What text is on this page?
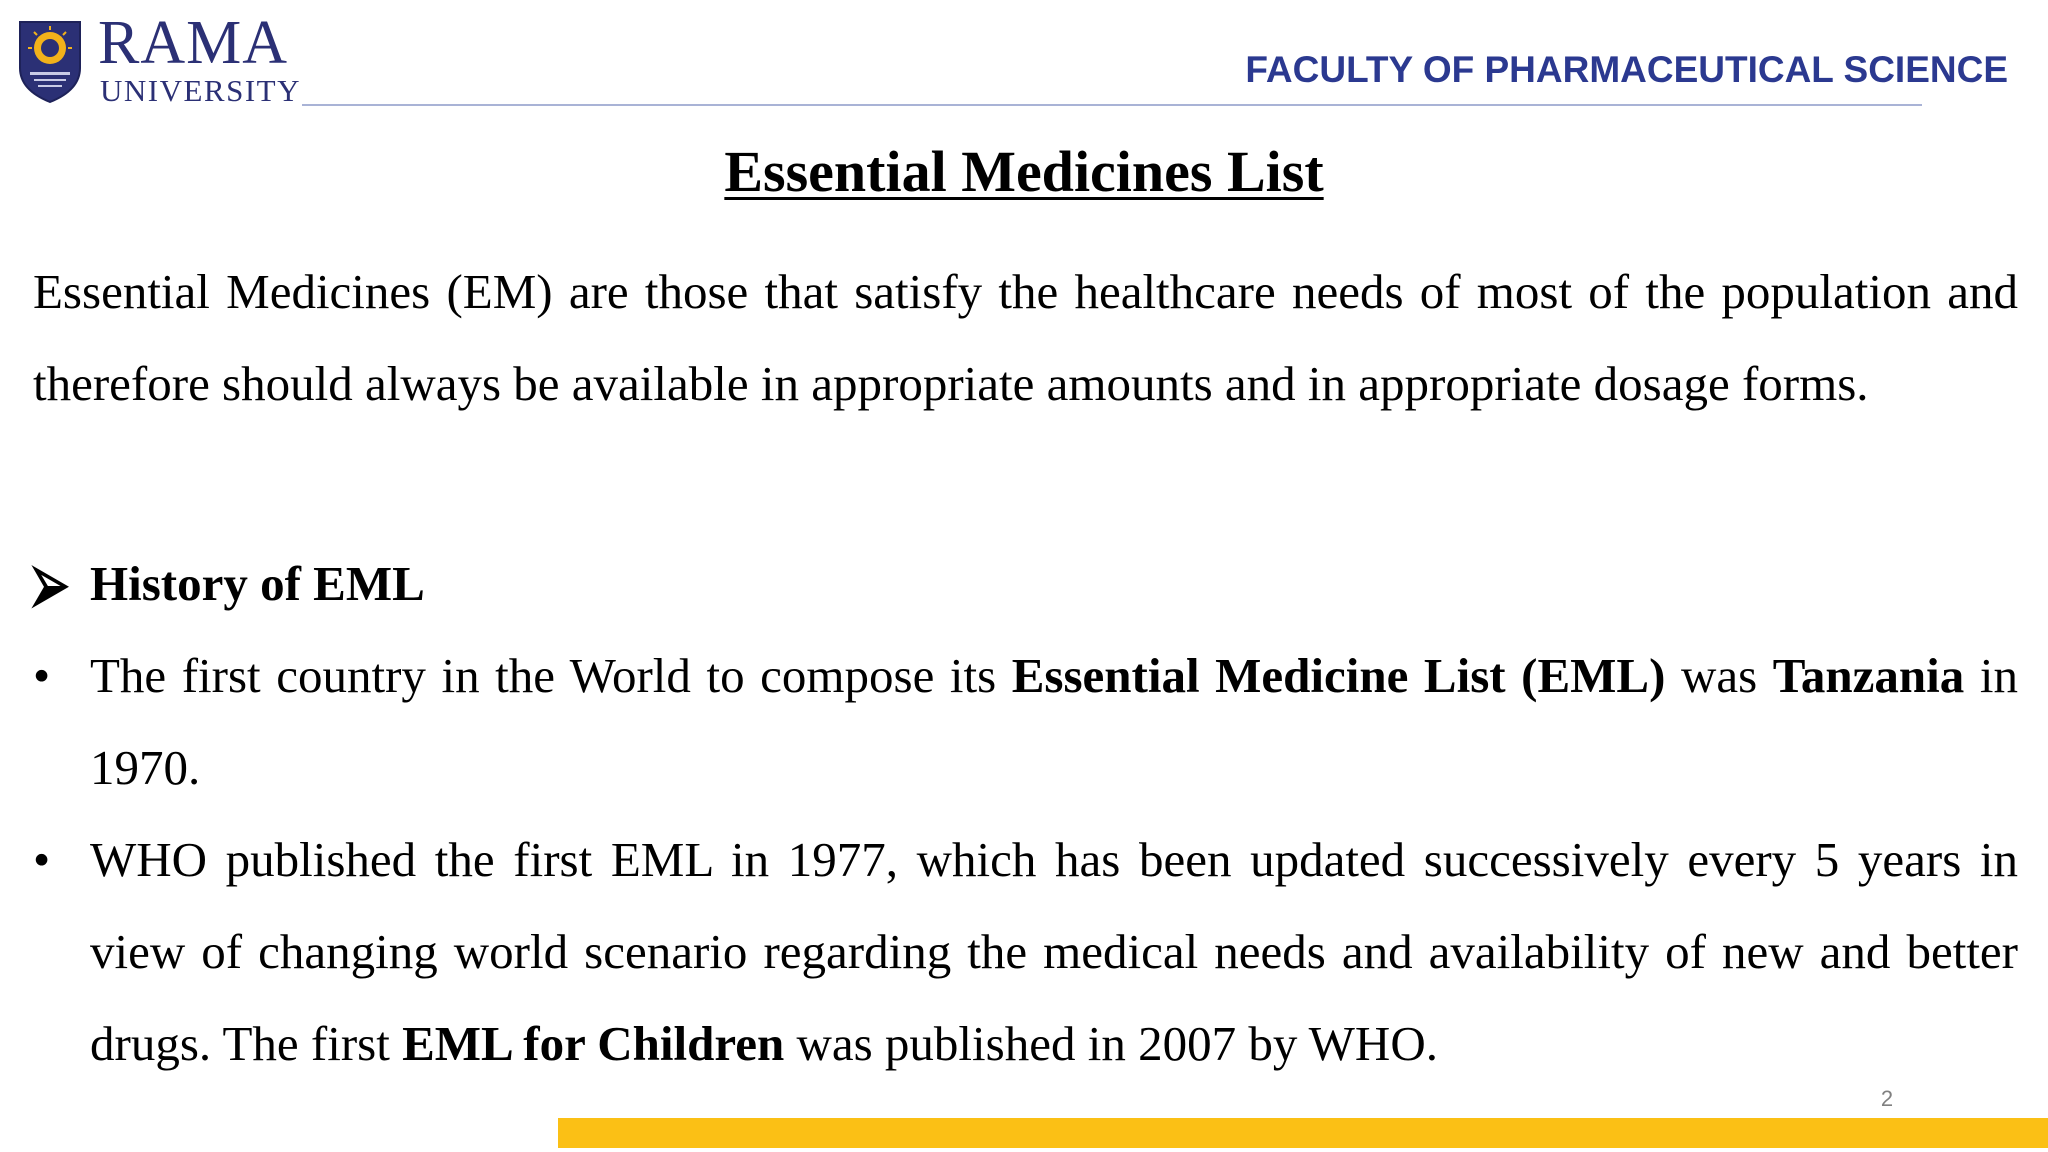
RAMA
UNIVERSITY
FACULTY OF PHARMACEUTICAL SCIENCE
Essential Medicines List
Essential Medicines (EM) are those that satisfy the healthcare needs of most of the population and therefore should always be available in appropriate amounts and in appropriate dosage forms.
⮚ History of EML
• The first country in the World to compose its Essential Medicine List (EML) was Tanzania in 1970.
• WHO published the first EML in 1977, which has been updated successively every 5 years in view of changing world scenario regarding the medical needs and availability of new and better drugs. The first EML for Children was published in 2007 by WHO.
2
